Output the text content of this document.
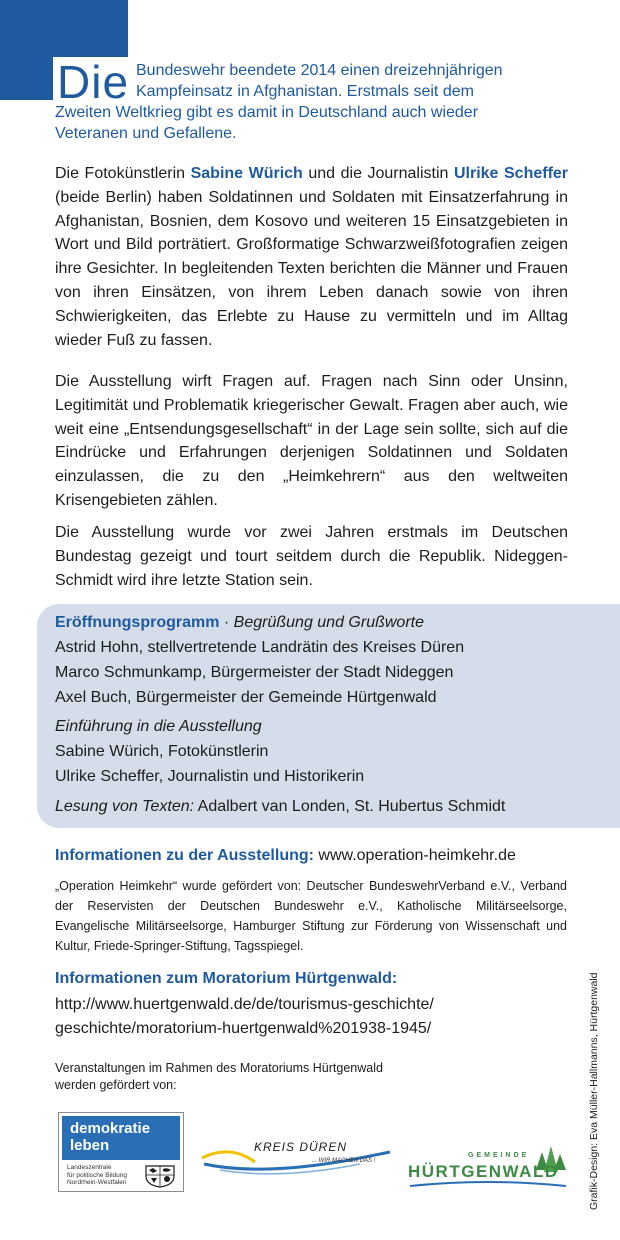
Die Bundeswehr beendete 2014 einen dreizehnjährigen
Kampfeinsatz in Afghanistan. Erstmals seit dem
Zweiten Weltkrieg gibt es damit in Deutschland auch wieder
Veteranen und Gefallene.

Die Fotokünstlerin Sabine Würich und die Journalistin Ulrike Scheffer (beide Berlin) haben Soldatinnen und Soldaten mit Einsatzerfahrung in Afghanistan, Bosnien, dem Kosovo und weiteren 15 Einsatzgebieten in Wort und Bild porträtiert. Großformatige Schwarzweißfotografien zeigen ihre Gesichter. In begleitenden Texten berichten die Männer und Frauen von ihren Einsätzen, von ihrem Leben danach sowie von ihren Schwierigkeiten, das Erlebte zu Hause zu vermitteln und im Alltag wieder Fuß zu fassen.

Die Ausstellung wirft Fragen auf. Fragen nach Sinn oder Unsinn, Legitimität und Problematik kriegerischer Gewalt. Fragen aber auch, wie weit eine „Entsendungsgesellschaft“ in der Lage sein sollte, sich auf die Eindrücke und Erfahrungen derjenigen Soldatinnen und Soldaten einzulassen, die zu den „Heimkehrern“ aus den weltweiten Krisengebieten zählen.

Die Ausstellung wurde vor zwei Jahren erstmals im Deutschen Bundestag gezeigt und tourt seitdem durch die Republik. Nideggen-Schmidt wird ihre letzte Station sein.

Eröffnungsprogramm · Begrüßung und Grußworte
Astrid Hohn, stellvertretende Landrätin des Kreises Düren
Marco Schmunkamp, Bürgermeister der Stadt Nideggen
Axel Buch, Bürgermeister der Gemeinde Hürtgenwald
Einführung in die Ausstellung
Sabine Würich, Fotokünstlerin
Ulrike Scheffer, Journalistin und Historikerin
Lesung von Texten: Adalbert van Londen, St. Hubertus Schmidt
Informationen zu der Ausstellung: www.operation-heimkehr.de

„Operation Heimkehr“ wurde gefördert von: Deutscher BundeswehrVerband e.V., Verband der Reservisten der Deutschen Bundeswehr e.V., Katholische Militärseelsorge, Evangelische Militärseelsorge, Hamburger Stiftung zur Förderung von Wissenschaft und Kultur, Friede-Springer-Stiftung, Tagsspiegel.

Informationen zum Moratorium Hürtgenwald:
http://www.huertgenwald.de/de/tourismus-geschichte/
geschichte/moratorium-huertgenwald%201938-1945/
Veranstaltungen im Rahmen des Moratoriums Hürtgenwald
werden gefördert von:
demokratie
leben
Landeszentrale
für politische Bildung
Nordrhein-Westfalen
KREIS DÜREN
... WIR MACHEN DAS !
GEMEINDE
HÜRTGENWALD	Grafik-Design: Eva Müller-Hallmanns, Hürtgenwald
